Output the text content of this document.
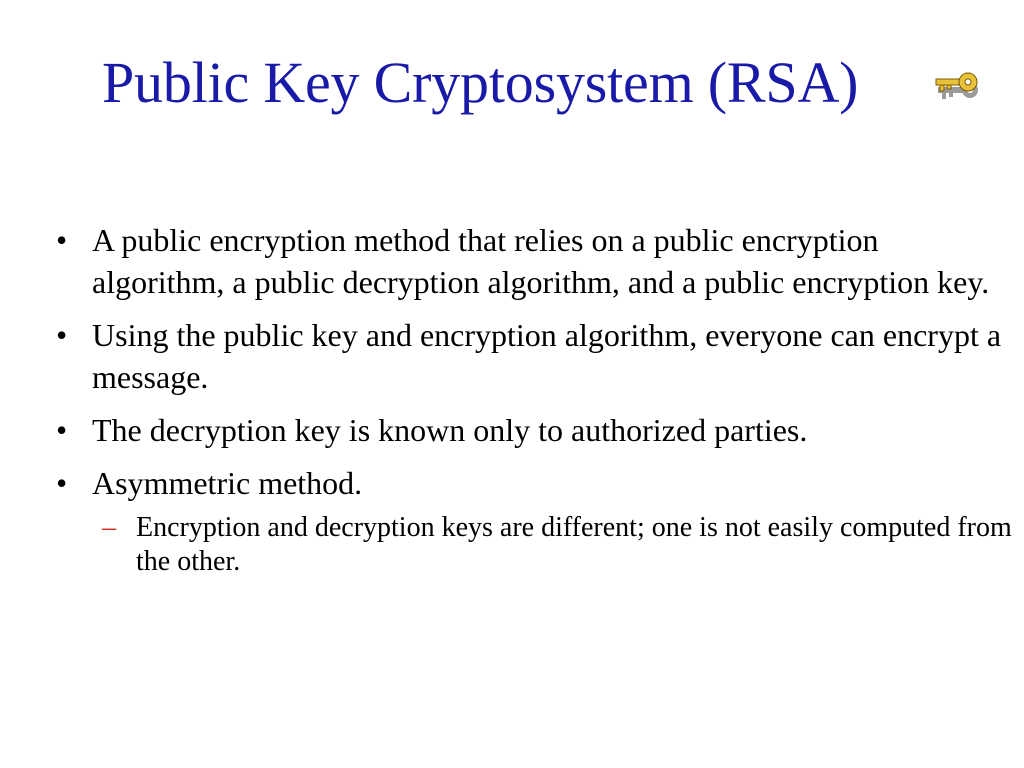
Public Key Cryptosystem (RSA)
• A public encryption method that relies on a public encryption algorithm, a public decryption algorithm, and a public encryption key.
• Using the public key and encryption algorithm, everyone can encrypt a message.
• The decryption key is known only to authorized parties.
• Asymmetric method.
– Encryption and decryption keys are different; one is not easily computed from the other.
